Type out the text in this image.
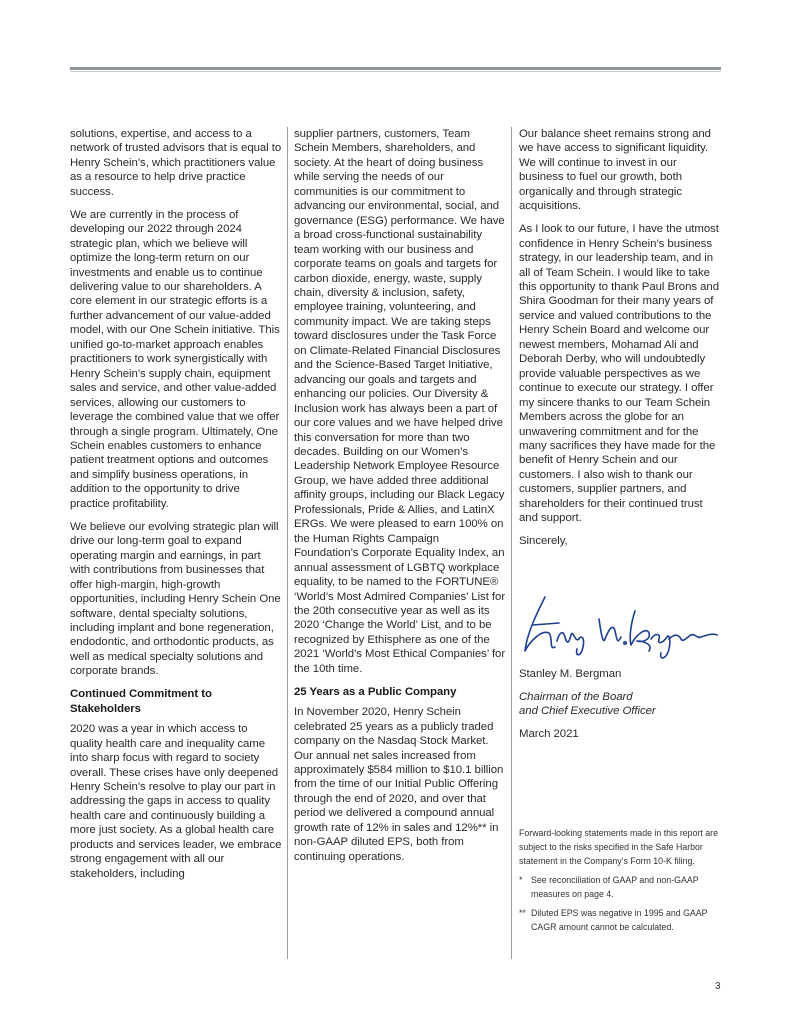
solutions, expertise, and access to a network of trusted advisors that is equal to Henry Schein’s, which practitioners value as a resource to help drive practice success.

We are currently in the process of developing our 2022 through 2024 strategic plan, which we believe will optimize the long-term return on our investments and enable us to continue delivering value to our shareholders. A core element in our strategic efforts is a further advancement of our value-added model, with our One Schein initiative. This unified go-to-market approach enables practitioners to work synergistically with Henry Schein’s supply chain, equipment sales and service, and other value-added services, allowing our customers to leverage the combined value that we offer through a single program. Ultimately, One Schein enables customers to enhance patient treatment options and outcomes and simplify business operations, in addition to the opportunity to drive practice profitability.

We believe our evolving strategic plan will drive our long-term goal to expand operating margin and earnings, in part with contributions from businesses that offer high-margin, high-growth opportunities, including Henry Schein One software, dental specialty solutions, including implant and bone regeneration, endodontic, and orthodontic products, as well as medical specialty solutions and corporate brands.

Continued Commitment to Stakeholders

2020 was a year in which access to quality health care and inequality came into sharp focus with regard to society overall. These crises have only deepened Henry Schein’s resolve to play our part in addressing the gaps in access to quality health care and continuously building a more just society. As a global health care products and services leader, we embrace strong engagement with all our stakeholders, including

supplier partners, customers, Team Schein Members, shareholders, and society. At the heart of doing business while serving the needs of our communities is our commitment to advancing our environmental, social, and governance (ESG) performance. We have a broad cross-functional sustainability team working with our business and corporate teams on goals and targets for carbon dioxide, energy, waste, supply chain, diversity & inclusion, safety, employee training, volunteering, and community impact. We are taking steps toward disclosures under the Task Force on Climate-Related Financial Disclosures and the Science-Based Target Initiative, advancing our goals and targets and enhancing our policies. Our Diversity & Inclusion work has always been a part of our core values and we have helped drive this conversation for more than two decades. Building on our Women’s Leadership Network Employee Resource Group, we have added three additional affinity groups, including our Black Legacy Professionals, Pride & Allies, and LatinX ERGs. We were pleased to earn 100% on the Human Rights Campaign Foundation’s Corporate Equality Index, an annual assessment of LGBTQ workplace equality, to be named to the FORTUNE® ‘World’s Most Admired Companies’ List for the 20th consecutive year as well as its 2020 ‘Change the World’ List, and to be recognized by Ethisphere as one of the 2021 ‘World’s Most Ethical Companies’ for the 10th time.

25 Years as a Public Company

In November 2020, Henry Schein celebrated 25 years as a publicly traded company on the Nasdaq Stock Market. Our annual net sales increased from approximately $584 million to $10.1 billion from the time of our Initial Public Offering through the end of 2020, and over that period we delivered a compound annual growth rate of 12% in sales and 12%** in non-GAAP diluted EPS, both from continuing operations.

Our balance sheet remains strong and we have access to significant liquidity. We will continue to invest in our business to fuel our growth, both organically and through strategic acquisitions.

As I look to our future, I have the utmost confidence in Henry Schein’s business strategy, in our leadership team, and in all of Team Schein. I would like to take this opportunity to thank Paul Brons and Shira Goodman for their many years of service and valued contributions to the Henry Schein Board and welcome our newest members, Mohamad Ali and Deborah Derby, who will undoubtedly provide valuable perspectives as we continue to execute our strategy. I offer my sincere thanks to our Team Schein Members across the globe for an unwavering commitment and for the many sacrifices they have made for the benefit of Henry Schein and our customers. I also wish to thank our customers, supplier partners, and shareholders for their continued trust and support.

Sincerely,

Stanley M. Bergman

Chairman of the Board
and Chief Executive Officer

March 2021

Forward-looking statements made in this report are subject to the risks specified in the Safe Harbor statement in the Company’s Form 10-K filing.

* See reconciliation of GAAP and non-GAAP measures on page 4.
** Diluted EPS was negative in 1995 and GAAP CAGR amount cannot be calculated.
3
